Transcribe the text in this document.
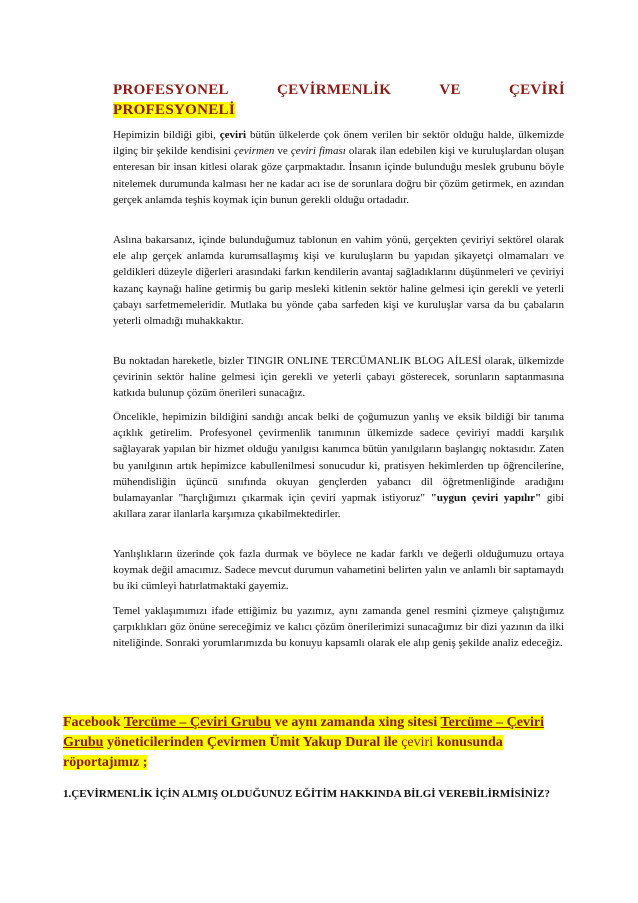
PROFESYONEL	ÇEVİRMENLİK	VE	ÇEVİRİ
PROFESYONELİ
Hepimizin bildiği gibi, çeviri bütün ülkelerde çok önem verilen bir sektör olduğu halde, ülkemizde ilginç bir şekilde kendisini çevirmen ve çeviri fiması olarak ilan edebilen kişi ve kuruluşlardan oluşan enteresan bir insan kitlesi olarak göze çarpmaktadır. İnsanın içinde bulunduğu meslek grubunu böyle nitelemek durumunda kalması her ne kadar acı ise de sorunlara doğru bir çözüm getirmek, en azından gerçek anlamda teşhis koymak için bunun gerekli olduğu ortadadır.
Aslına bakarsanız, içinde bulunduğumuz tablonun en vahim yönü, gerçekten çeviriyi sektörel olarak ele alıp gerçek anlamda kurumsallaşmış kişi ve kuruluşların bu yapıdan şikayetçi olmamaları ve geldikleri düzeyle diğerleri arasındaki farkın kendilerin avantaj sağladıklarını düşünmeleri ve çeviriyi kazanç kaynağı haline getirmiş bu garip mesleki kitlenin sektör haline gelmesi için gerekli ve yeterli çabayı sarfetmemeleridir. Mutlaka bu yönde çaba sarfeden kişi ve kuruluşlar varsa da bu çabaların yeterli olmadığı muhakkaktır.
Bu noktadan hareketle, bizler TINGIR ONLINE TERCÜMANLIK BLOG AİLESİ olarak, ülkemizde çevirinin sektör haline gelmesi için gerekli ve yeterli çabayı gösterecek, sorunların saptanmasına katkıda bulunup çözüm önerileri sunacağız.
Öncelikle, hepimizin bildiğini sandığı ancak belki de çoğumuzun yanlış ve eksik bildiği bir tanıma açıklık getirelim. Profesyonel çevirmenlik tanımının ülkemizde sadece çeviriyi maddi karşılık sağlayarak yapılan bir hizmet olduğu yanılgısı kanımca bütün yanılgıların başlangıç noktasıdır. Zaten bu yanılgının artık hepimizce kabullenilmesi sonucudur ki, pratisyen hekimlerden tıp öğrencilerine, mühendisliğin üçüncü sınıfında okuyan gençlerden yabancı dil öğretmenliğinde aradığını bulamayanlar "harçlığımızı çıkarmak için çeviri yapmak istiyoruz" "uygun çeviri yapılır" gibi akıllara zarar ilanlarla karşımıza çıkabilmektedirler.
Yanlışlıkların üzerinde çok fazla durmak ve böylece ne kadar farklı ve değerli olduğumuzu ortaya koymak değil amacımız. Sadece mevcut durumun vahametini belirten yalın ve anlamlı bir saptamaydı bu iki cümleyi hatırlatmaktaki gayemiz.
Temel yaklaşımımızı ifade ettiğimiz bu yazımız, aynı zamanda genel resmini çizmeye çalıştığımız çarpıklıkları göz önüne sereceğimiz ve kalıcı çözüm önerilerimizi sunacağımız bir dizi yazının da ilki niteliğinde. Sonraki yorumlarımızda bu konuyu kapsamlı olarak ele alıp geniş şekilde analiz edeceğiz.
Facebook Tercüme – Çeviri Grubu ve aynı zamanda xing sitesi Tercüme – Çeviri Grubu yöneticilerinden Çevirmen Ümit Yakup Dural ile çeviri konusunda röportajımız ;
1.ÇEVİRMENLİK İÇİN ALMIŞ OLDUĞUNUZ EĞİTİM HAKKINDA BİLGİ VEREBİLİRMİSİNİZ?
